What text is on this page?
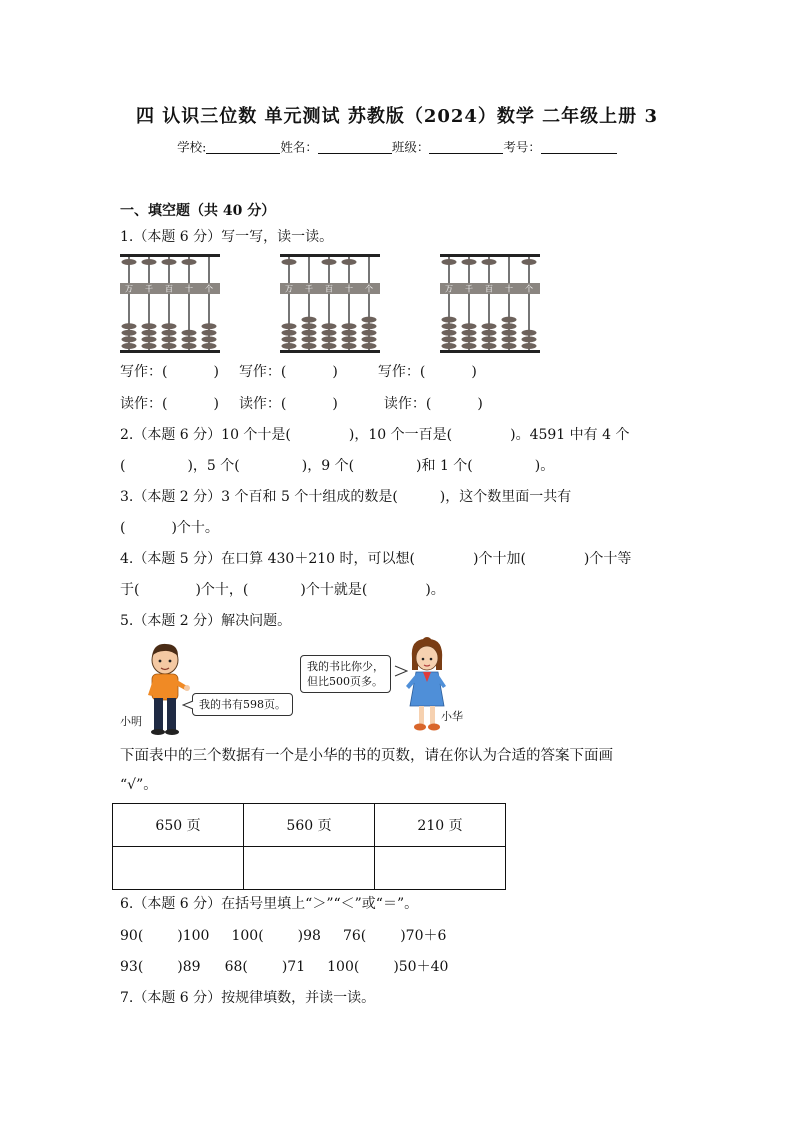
四 认识三位数 单元测试 苏教版（2024）数学 二年级上册 3
学校:	姓名：	班级：	考号：
一、填空题（共 40 分）
1.（本题 6 分）写一写，读一读。
万 千 百 十 个	万 千 百 十 个	万 千 百 十 个
写作：(	) 写作：(	)	写作：(	)
读作：(	) 读作：(	)	读作：(	)
2.（本题 6 分）10 个十是(	)，10 个一百是(	)。4591 中有 4 个
(	)，5 个(	)，9 个(	)和 1 个(	)。
3.（本题 2 分）3 个百和 5 个十组成的数是(	)，这个数里面一共有
(	)个十。
4.（本题 5 分）在口算 430＋210 时，可以想(	)个十加(	)个十等
于(	)个十，(	)个十就是(	)。
5.（本题 2 分）解决问题。
小明
我的书有598页。
我的书比你少，
但比500页多。
小华
下面表中的三个数据有一个是小华的书的页数，请在你认为合适的答案下面画
“√”。
650 页	560 页	210 页

6.（本题 6 分）在括号里填上“＞”“＜”或“＝”。
90( )100 100( )98 76( )70＋6
93( )89 68( )71 100( )50＋40
7.（本题 6 分）按规律填数，并读一读。
